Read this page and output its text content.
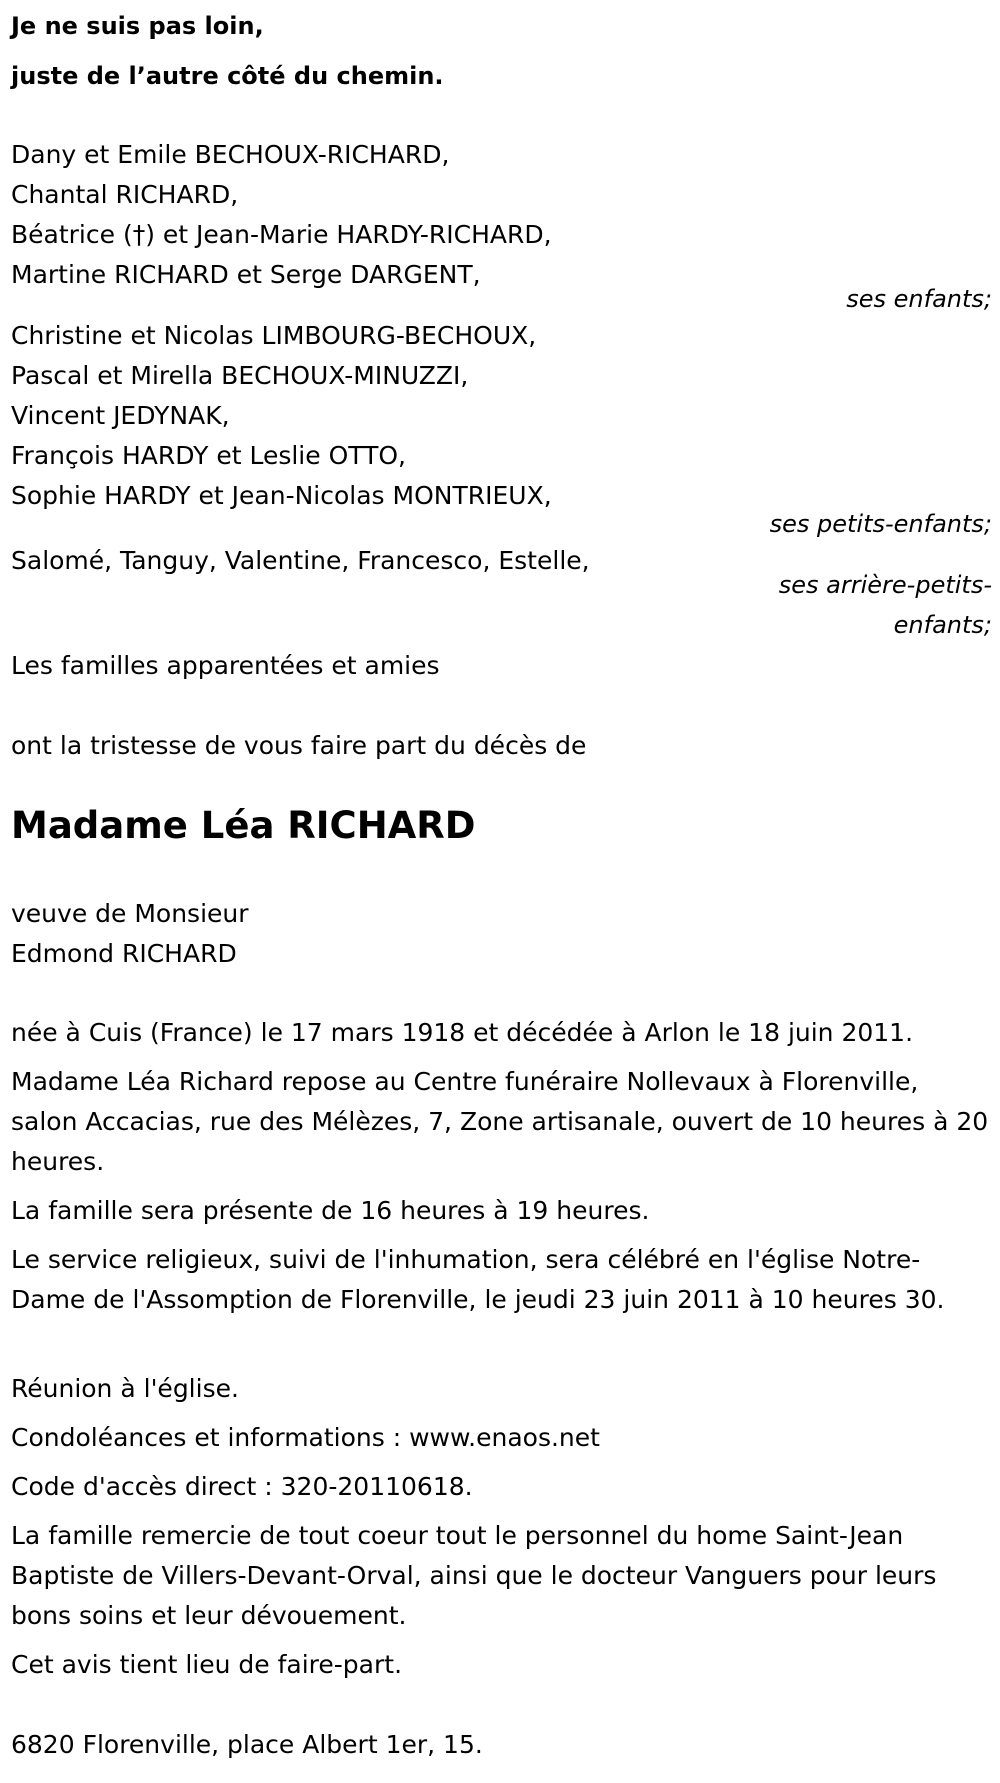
Je ne suis pas loin,
juste de l’autre côté du chemin.
Dany et Emile BECHOUX-RICHARD,
Chantal RICHARD,
Béatrice (†) et Jean-Marie HARDY-RICHARD,
Martine RICHARD et Serge DARGENT,
ses enfants;
Christine et Nicolas LIMBOURG-BECHOUX,
Pascal et Mirella BECHOUX-MINUZZI,
Vincent JEDYNAK,
François HARDY et Leslie OTTO,
Sophie HARDY et Jean-Nicolas MONTRIEUX,
ses petits-enfants;
Salomé, Tanguy, Valentine, Francesco, Estelle,
ses arrière-petits-
enfants;
Les familles apparentées et amies
ont la tristesse de vous faire part du décès de
Madame Léa RICHARD
veuve de Monsieur
Edmond RICHARD
née à Cuis (France) le 17 mars 1918 et décédée à Arlon le 18 juin 2011.
Madame Léa Richard repose au Centre funéraire Nollevaux à Florenville, salon Accacias, rue des Mélèzes, 7, Zone artisanale, ouvert de 10 heures à 20 heures.
La famille sera présente de 16 heures à 19 heures.
Le service religieux, suivi de l'inhumation, sera célébré en l'église Notre-Dame de l'Assomption de Florenville, le jeudi 23 juin 2011 à 10 heures 30.
Réunion à l'église.
Condoléances et informations : www.enaos.net
Code d'accès direct : 320-20110618.
La famille remercie de tout coeur tout le personnel du home Saint-Jean Baptiste de Villers-Devant-Orval, ainsi que le docteur Vanguers pour leurs bons soins et leur dévouement.
Cet avis tient lieu de faire-part.
6820 Florenville, place Albert 1er, 15.
